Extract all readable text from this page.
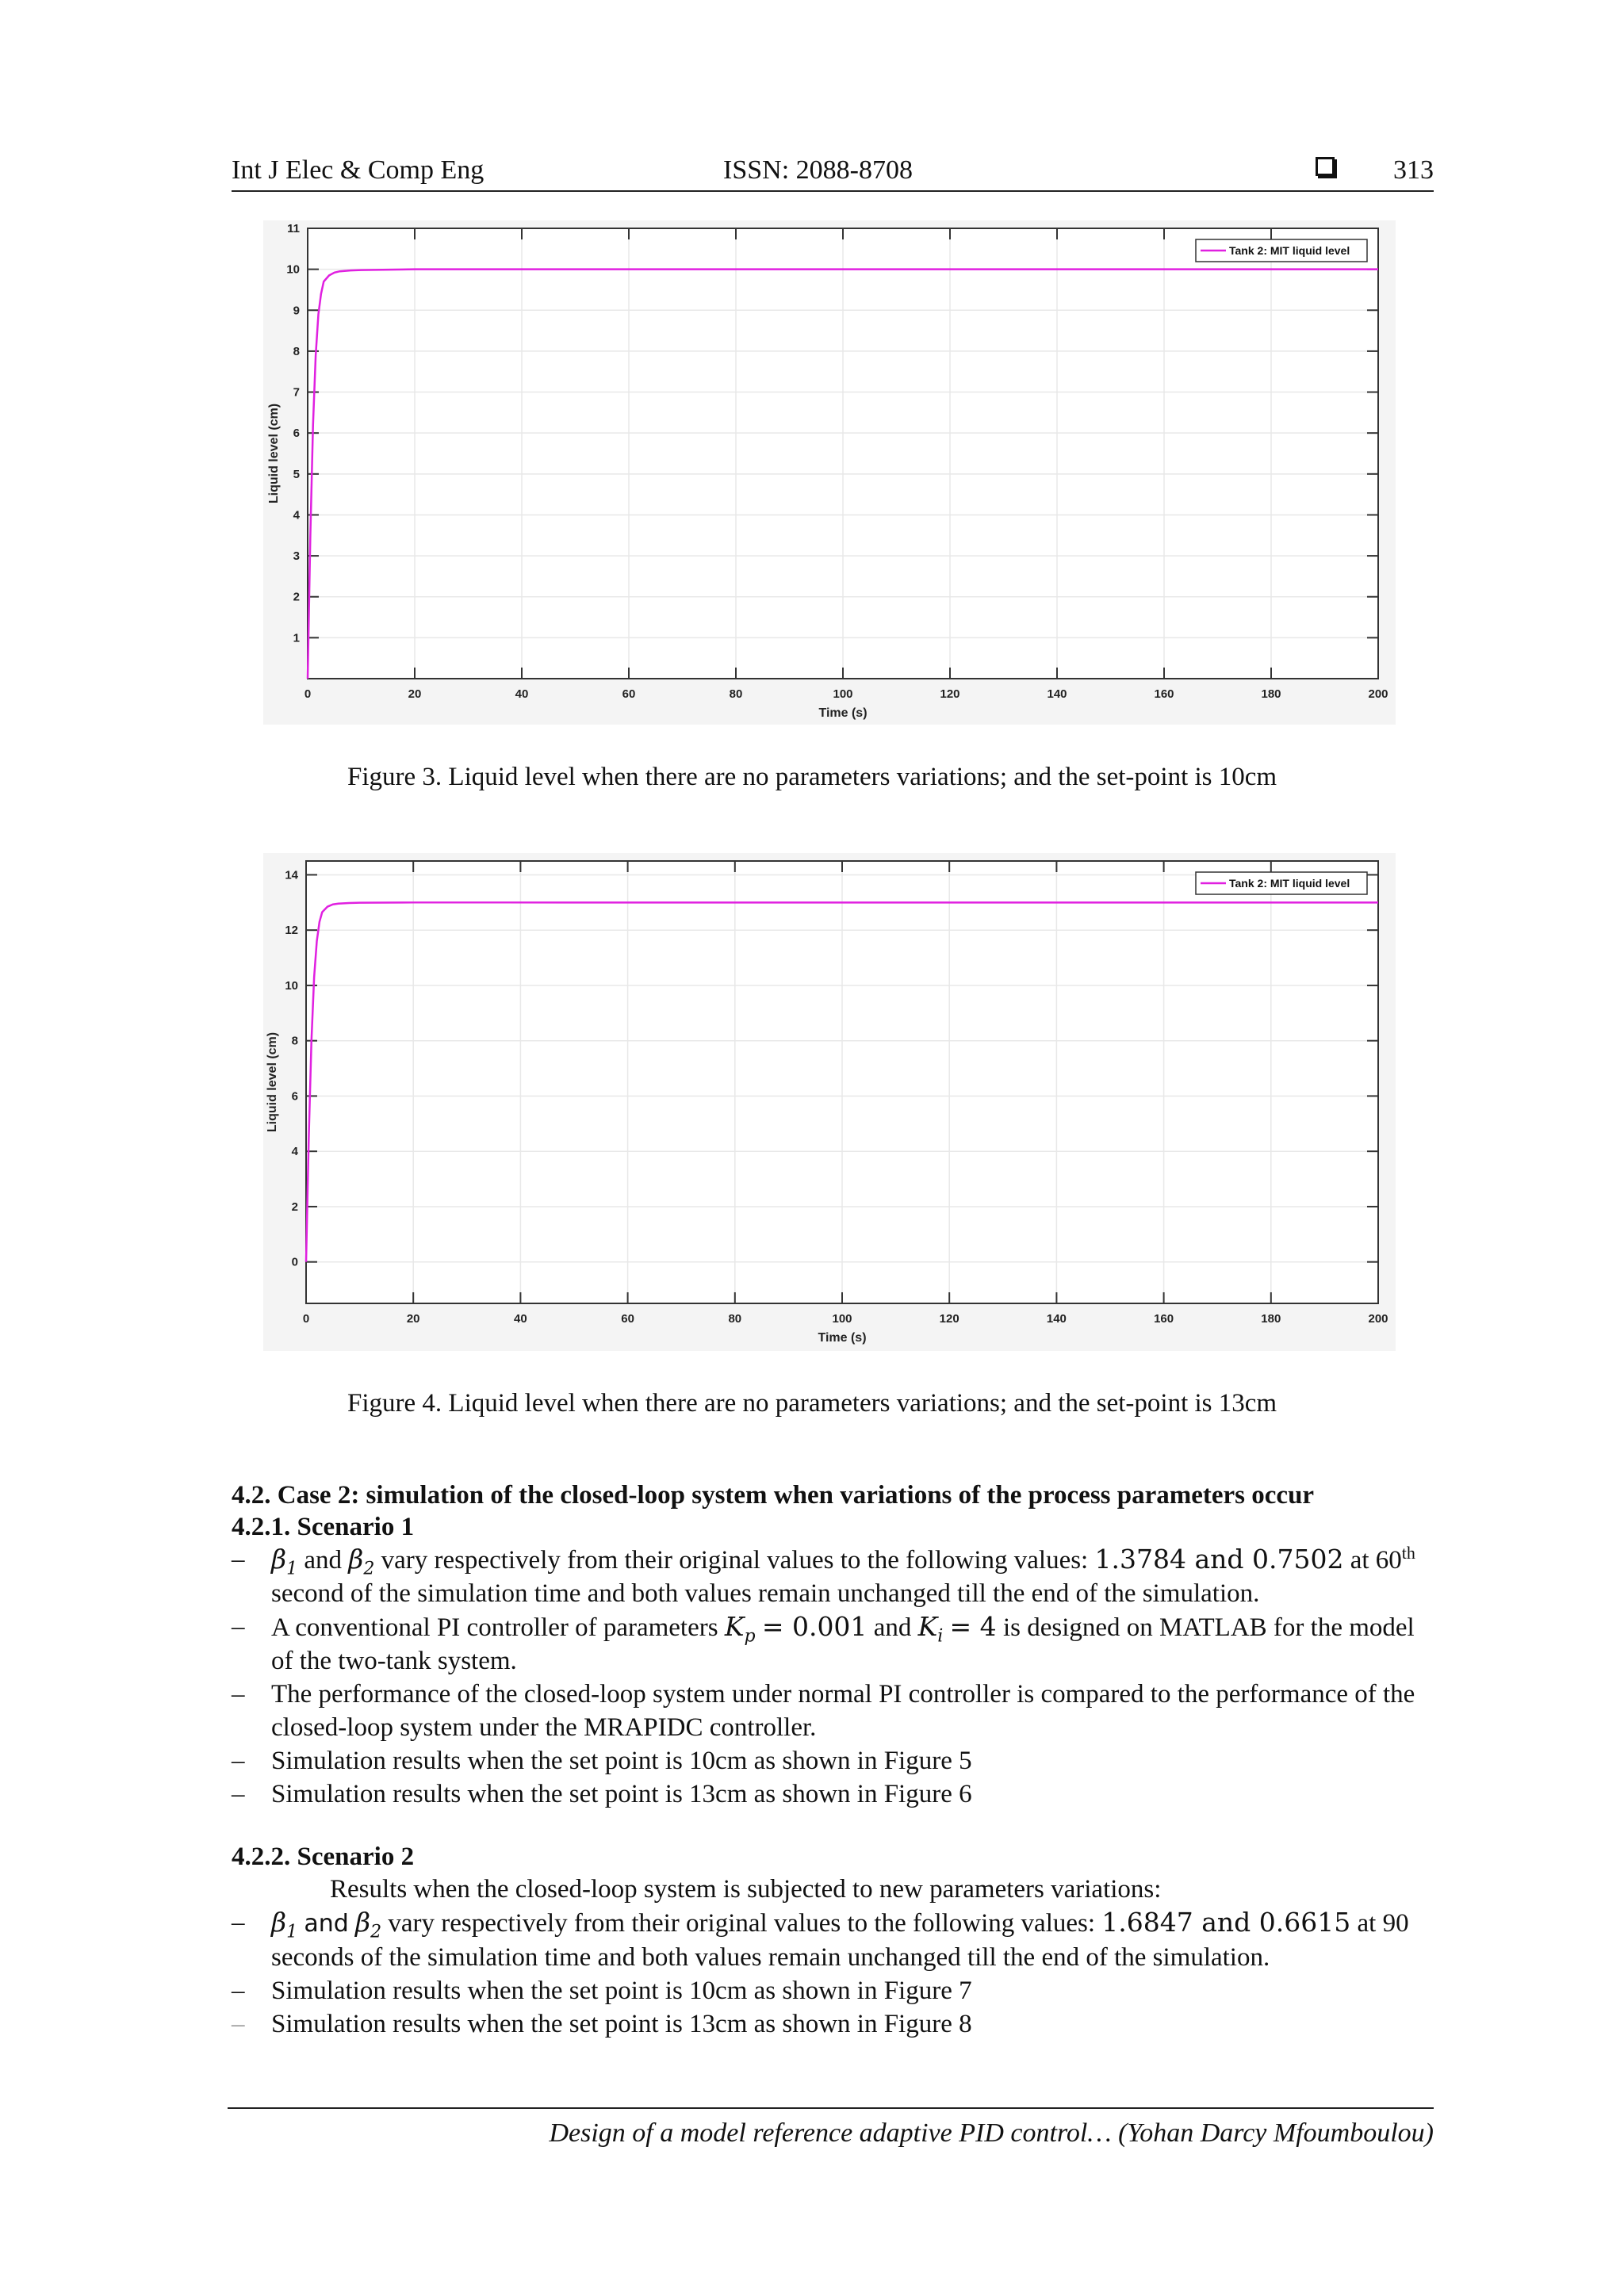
Int J Elec & Comp Eng	ISSN: 2088-8708	313
0	20	40	60	80	100	120	140	160	180	200
1
2
3
4
5
6
7
8
9
10
11
Time (s)
Liquid level (cm)
Tank 2: MIT liquid level
Figure 3. Liquid level when there are no parameters variations; and the set-point is 10cm
0	20	40	60	80	100	120	140	160	180	200
0
2
4
6
8
10
12
14
Time (s)
Liquid level (cm)
Tank 2: MIT liquid level
Figure 4. Liquid level when there are no parameters variations; and the set-point is 13cm
4.2. Case 2: simulation of the closed-loop system when variations of the process parameters occur
4.2.1. Scenario 1
– $\beta_1$ and $\beta_2$ vary respectively from their original values to the following values: 1.3784 and 0.7502 at 60th second of the simulation time and both values remain unchanged till the end of the simulation.
– A conventional PI controller of parameters $K_p = 0.001$ and $K_i = 4$ is designed on MATLAB for the model of the two-tank system.
– The performance of the closed-loop system under normal PI controller is compared to the performance of the closed-loop system under the MRAPIDC controller.
– Simulation results when the set point is 10cm as shown in Figure 5
– Simulation results when the set point is 13cm as shown in Figure 6
4.2.2. Scenario 2
Results when the closed-loop system is subjected to new parameters variations:
– $\beta_1$ and $\beta_2$ vary respectively from their original values to the following values: 1.6847 and 0.6615 at 90 seconds of the simulation time and both values remain unchanged till the end of the simulation.
– Simulation results when the set point is 10cm as shown in Figure 7
– Simulation results when the set point is 13cm as shown in Figure 8
Design of a model reference adaptive PID control… (Yohan Darcy Mfoumboulou)
